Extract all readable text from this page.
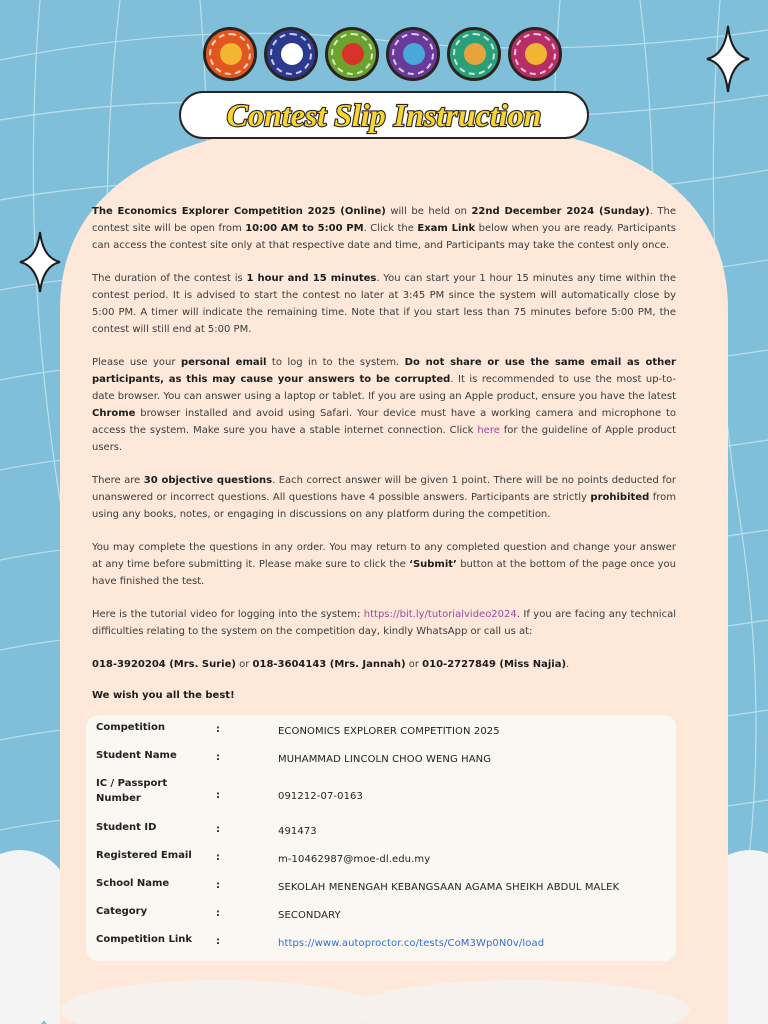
Contest Slip Instruction

The Economics Explorer Competition 2025 (Online) will be held on 22nd December 2024 (Sunday). The contest site will be open from 10:00 AM to 5:00 PM. Click the Exam Link below when you are ready. Participants can access the contest site only at that respective date and time, and Participants may take the contest only once.

The duration of the contest is 1 hour and 15 minutes. You can start your 1 hour 15 minutes any time within the contest period. It is advised to start the contest no later at 3:45 PM since the system will automatically close by 5:00 PM. A timer will indicate the remaining time. Note that if you start less than 75 minutes before 5:00 PM, the contest will still end at 5:00 PM.

Please use your personal email to log in to the system. Do not share or use the same email as other participants, as this may cause your answers to be corrupted. It is recommended to use the most up-to-date browser. You can answer using a laptop or tablet. If you are using an Apple product, ensure you have the latest Chrome browser installed and avoid using Safari. Your device must have a working camera and microphone to access the system. Make sure you have a stable internet connection. Click here for the guideline of Apple product users.

There are 30 objective questions. Each correct answer will be given 1 point. There will be no points deducted for unanswered or incorrect questions. All questions have 4 possible answers. Participants are strictly prohibited from using any books, notes, or engaging in discussions on any platform during the competition.

You may complete the questions in any order. You may return to any completed question and change your answer at any time before submitting it. Please make sure to click the ‘Submit’ button at the bottom of the page once you have finished the test.

Here is the tutorial video for logging into the system: https://bit.ly/tutorialvideo2024. If you are facing any technical difficulties relating to the system on the competition day, kindly WhatsApp or call us at:

018-3920204 (Mrs. Surie) or 018-3604143 (Mrs. Jannah) or 010-2727849 (Miss Najia).

We wish you all the best!

Competition	:	ECONOMICS EXPLORER COMPETITION 2025
Student Name	:	MUHAMMAD LINCOLN CHOO WENG HANG
IC / Passport Number	:	091212-07-0163
Student ID	:	491473
Registered Email	:	m-10462987@moe-dl.edu.my
School Name	:	SEKOLAH MENENGAH KEBANGSAAN AGAMA SHEIKH ABDUL MALEK
Category	:	SECONDARY
Competition Link	:	https://www.autoproctor.co/tests/CoM3Wp0N0v/load
